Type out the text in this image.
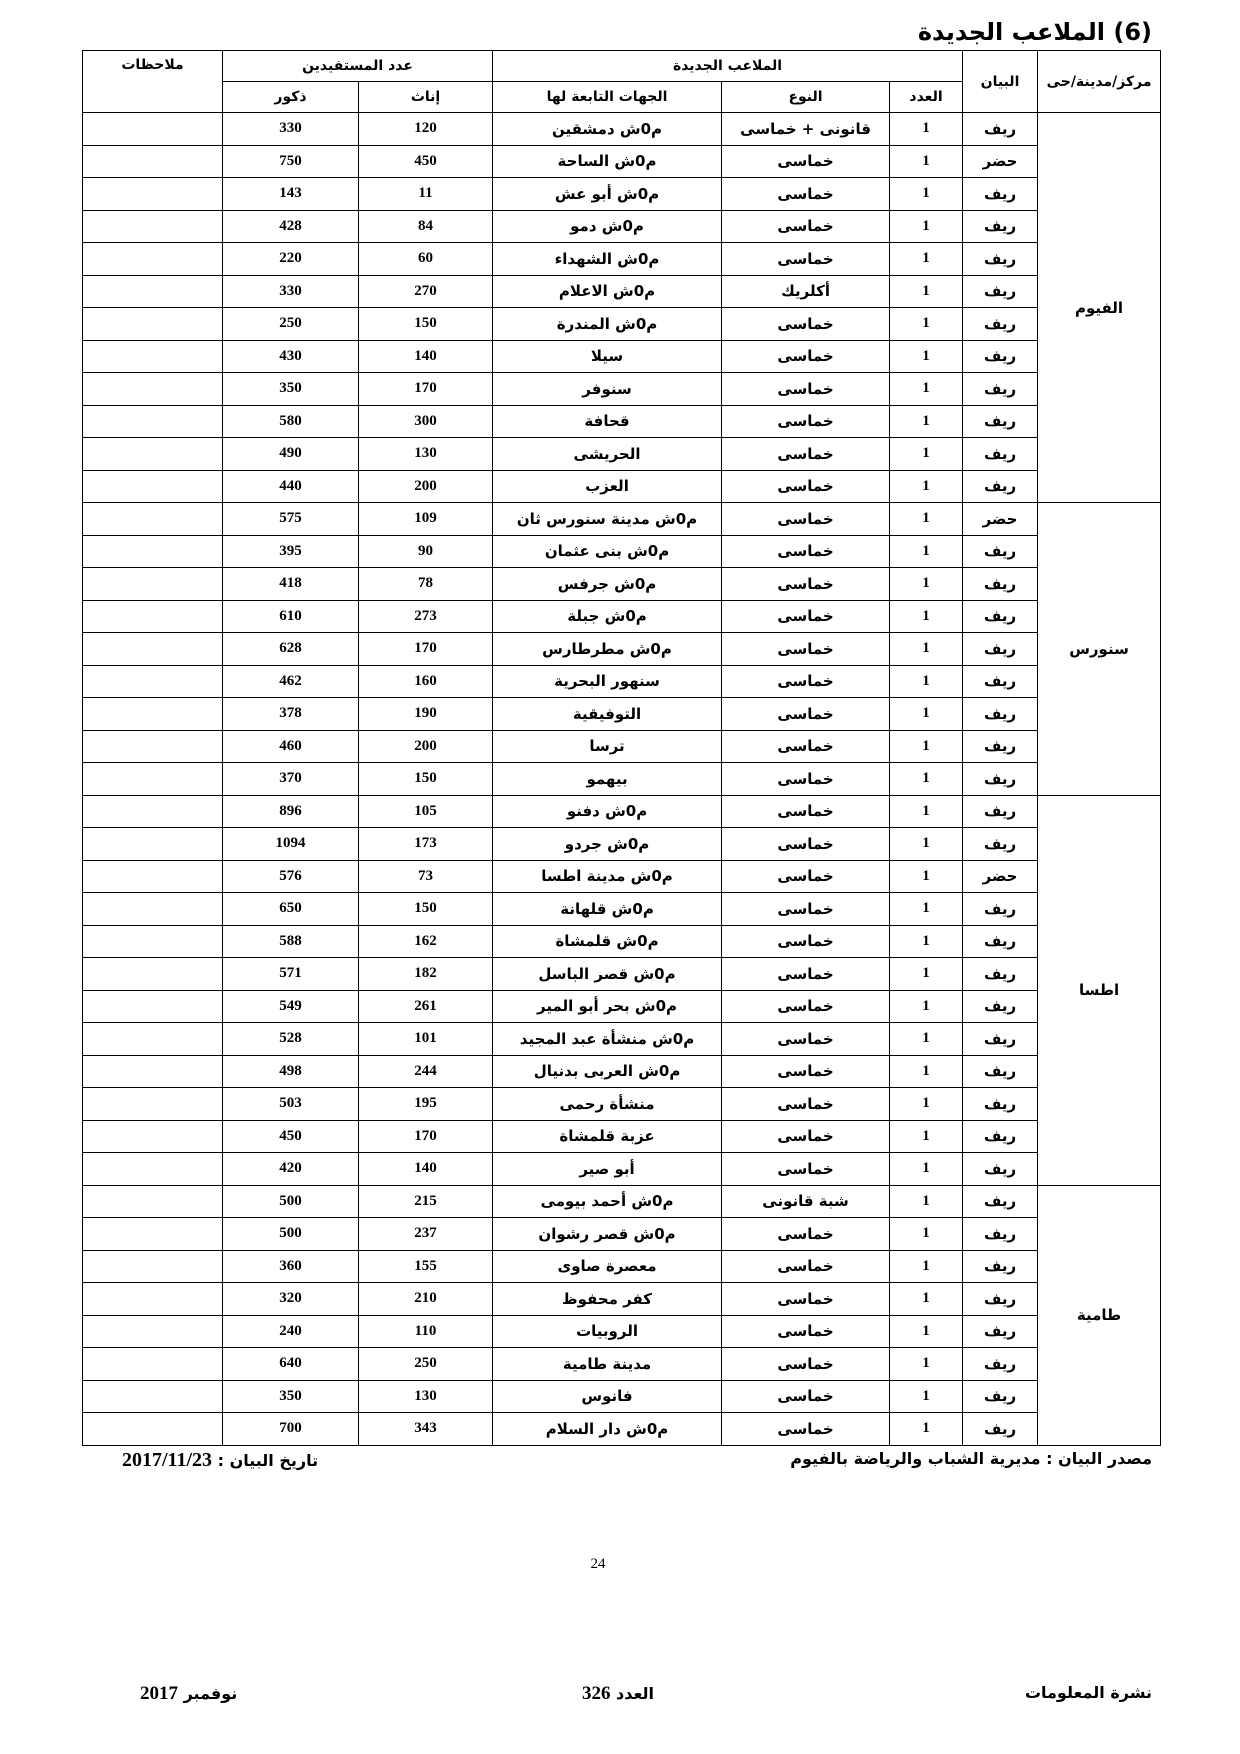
(6) الملاعب الجديدة
مركز/مدينة/حى	البيان	الملاعب الجديدة			عدد المستفيدين		ملاحظات
		العدد	النوع	الجهات التابعة لها	إناث	ذكور	
الفيوم	ريف	1	قانونى + خماسى	م0ش دمشقين	120	330	
	حضر	1	خماسى	م0ش الساحة	450	750	
	ريف	1	خماسى	م0ش أبو عش	11	143	
	ريف	1	خماسى	م0ش دمو	84	428	
	ريف	1	خماسى	م0ش الشهداء	60	220	
	ريف	1	أكلريك	م0ش الاعلام	270	330	
	ريف	1	خماسى	م0ش المندرة	150	250	
	ريف	1	خماسى	سيلا	140	430	
	ريف	1	خماسى	سنوفر	170	350	
	ريف	1	خماسى	قحافة	300	580	
	ريف	1	خماسى	الحريشى	130	490	
	ريف	1	خماسى	العزب	200	440	
سنورس	حضر	1	خماسى	م0ش مدينة سنورس ثان	109	575	
	ريف	1	خماسى	م0ش بنى عثمان	90	395	
	ريف	1	خماسى	م0ش جرفس	78	418	
	ريف	1	خماسى	م0ش جبلة	273	610	
	ريف	1	خماسى	م0ش مطرطارس	170	628	
	ريف	1	خماسى	سنهور البحرية	160	462	
	ريف	1	خماسى	التوفيقية	190	378	
	ريف	1	خماسى	ترسا	200	460	
	ريف	1	خماسى	بيهمو	150	370	
اطسا	ريف	1	خماسى	م0ش دفنو	105	896	
	ريف	1	خماسى	م0ش جردو	173	1094	
	حضر	1	خماسى	م0ش مدينة اطسا	73	576	
	ريف	1	خماسى	م0ش قلهانة	150	650	
	ريف	1	خماسى	م0ش قلمشاة	162	588	
	ريف	1	خماسى	م0ش قصر الباسل	182	571	
	ريف	1	خماسى	م0ش بحر أبو المير	261	549	
	ريف	1	خماسى	م0ش منشأة عبد المجيد	101	528	
	ريف	1	خماسى	م0ش العربى بدنيال	244	498	
	ريف	1	خماسى	منشأة رحمى	195	503	
	ريف	1	خماسى	عزبة قلمشاة	170	450	
	ريف	1	خماسى	أبو صير	140	420	
طامية	ريف	1	شبة قانونى	م0ش أحمد بيومى	215	500	
	ريف	1	خماسى	م0ش قصر رشوان	237	500	
	ريف	1	خماسى	معصرة صاوى	155	360	
	ريف	1	خماسى	كفر محفوظ	210	320	
	ريف	1	خماسى	الروبيات	110	240	
	ريف	1	خماسى	مدينة طامية	250	640	
	ريف	1	خماسى	فانوس	130	350	
	ريف	1	خماسى	م0ش دار السلام	343	700	
مصدر البيان : مديرية الشباب والرياضة بالفيوم
تاريخ البيان : 2017/11/23
24
نشرة المعلومات
العدد 326
نوفمبر 2017
